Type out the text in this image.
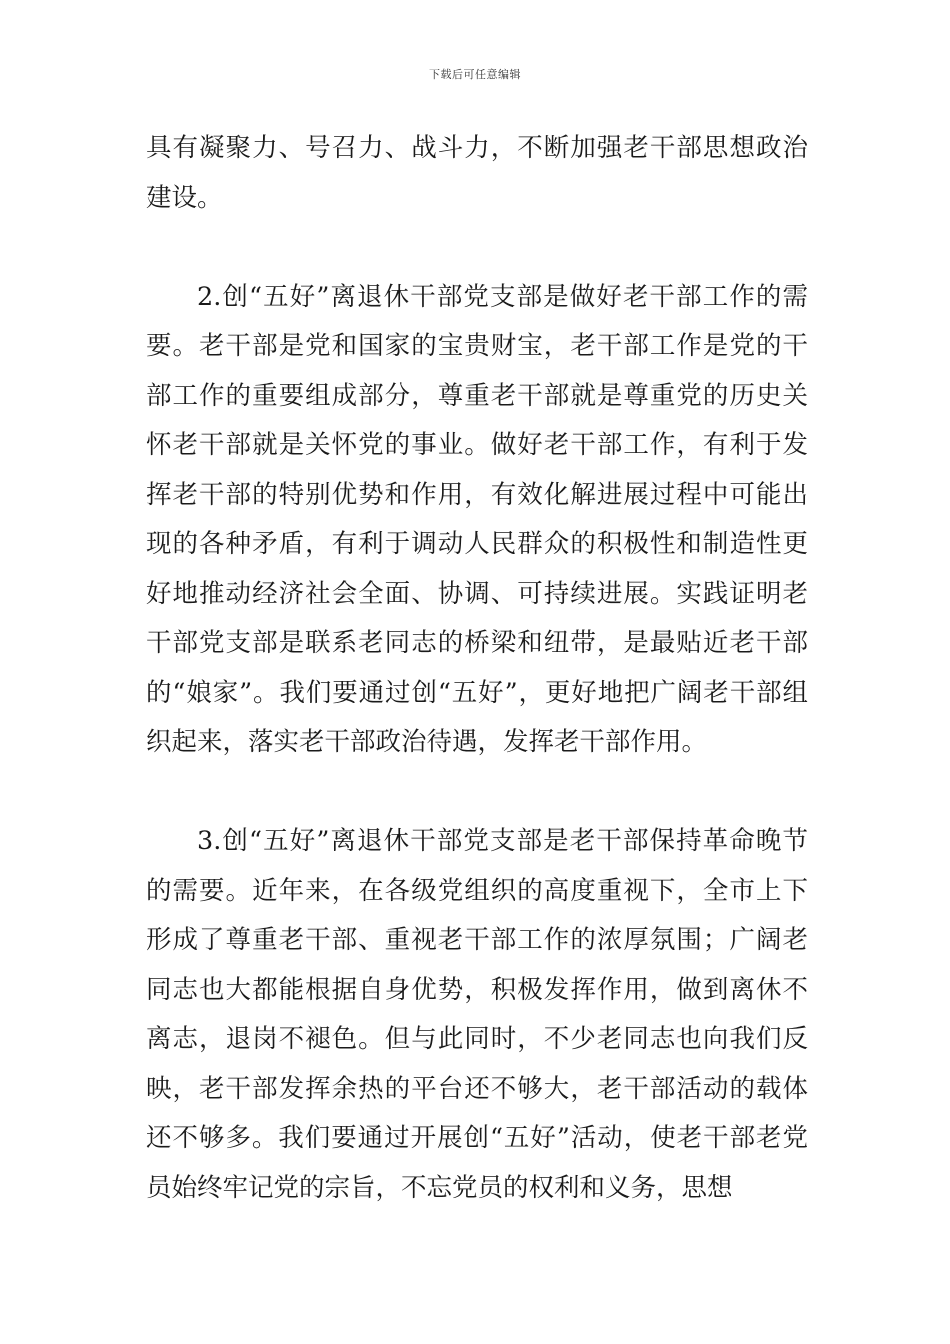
下载后可任意编辑

具有凝聚力、号召力、战斗力，不断加强老干部思想政治建设。

2.创“五好”离退休干部党支部是做好老干部工作的需要。老干部是党和国家的宝贵财宝，老干部工作是党的干部工作的重要组成部分，尊重老干部就是尊重党的历史关怀老干部就是关怀党的事业。做好老干部工作，有利于发挥老干部的特别优势和作用，有效化解进展过程中可能出现的各种矛盾，有利于调动人民群众的积极性和制造性更好地推动经济社会全面、协调、可持续进展。实践证明老干部党支部是联系老同志的桥梁和纽带，是最贴近老干部的“娘家”。我们要通过创“五好”，更好地把广阔老干部组织起来，落实老干部政治待遇，发挥老干部作用。

3.创“五好”离退休干部党支部是老干部保持革命晚节的需要。近年来，在各级党组织的高度重视下，全市上下形成了尊重老干部、重视老干部工作的浓厚氛围；广阔老同志也大都能根据自身优势，积极发挥作用，做到离休不离志，退岗不褪色。但与此同时，不少老同志也向我们反映，老干部发挥余热的平台还不够大，老干部活动的载体还不够多。我们要通过开展创“五好”活动，使老干部老党员始终牢记党的宗旨，不忘党员的权利和义务，思想
